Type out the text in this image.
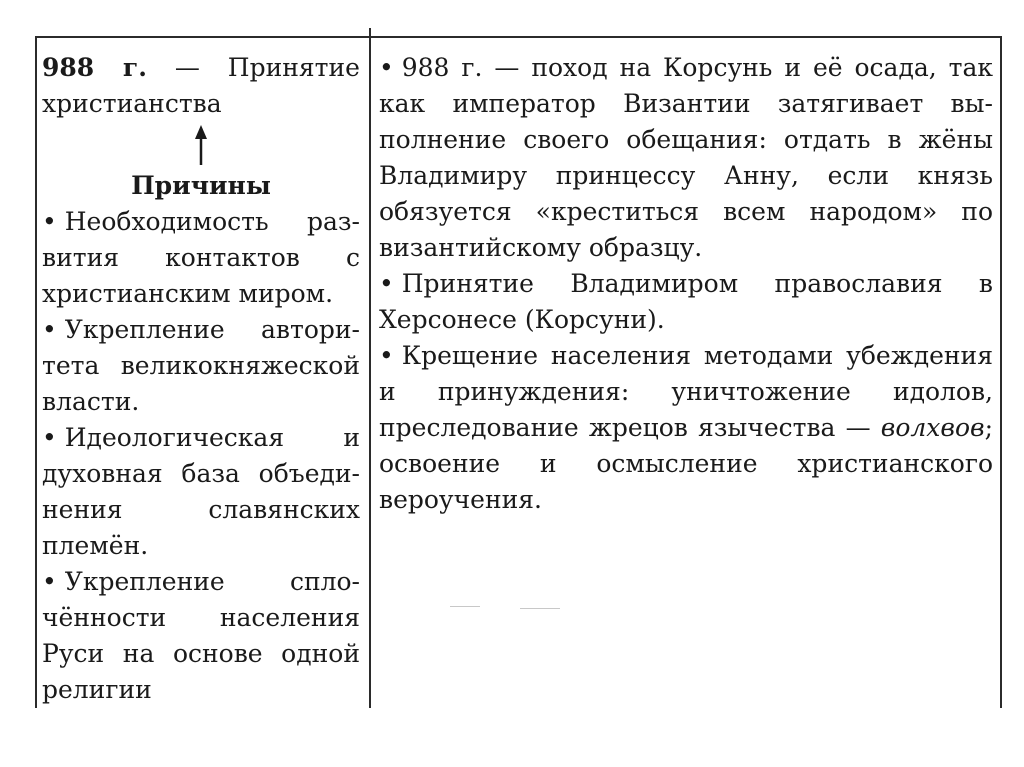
988 г. — Принятие

христианства

Причины

• Необходимость развития контактов с христианским миром.

• Укрепление авторитета великокняжеской власти.

• Идеологическая и духовная база объединения славянских племён.

• Укрепление сплочённости населения Руси на основе одной религии

• 988 г. — поход на Корсунь и её осада, так как император Византии затягивает выполнение своего обещания: отдать в жёны Владимиру принцессу Анну, если князь обязуется «креститься всем народом» по византийскому образцу.

• Принятие Владимиром православия в Херсонесе (Корсуни).

• Крещение населения методами убеждения и принуждения: уничтожение идолов, преследование жрецов язычества — волхвов; освоение и осмысление христианского вероучения.
